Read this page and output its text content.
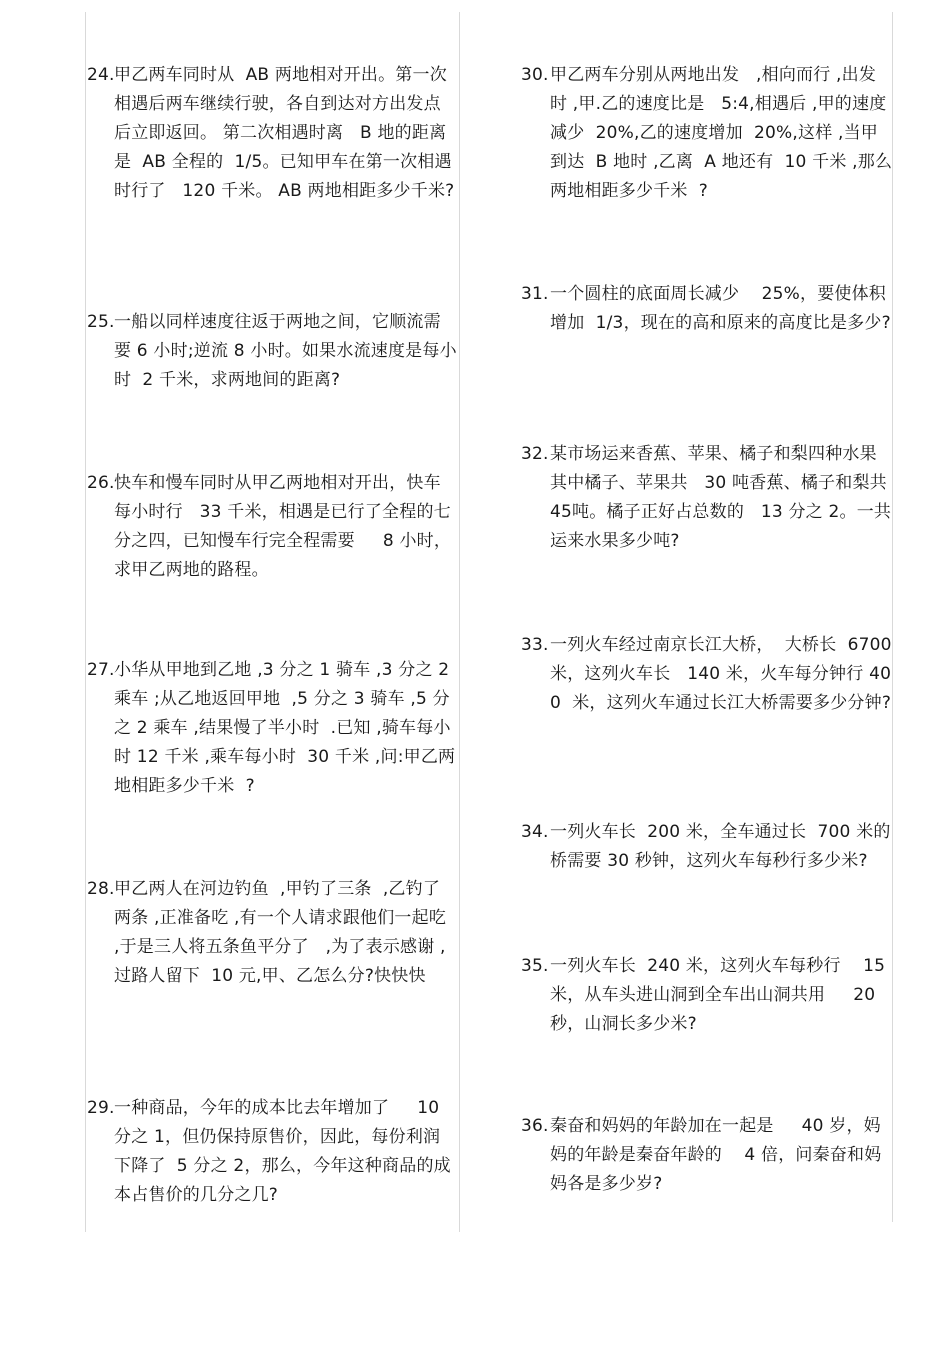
24. 甲乙两车同时从  AB 两地相对开出。第一次相遇后两车继续行驶，各自到达对方出发点后立即返回。 第二次相遇时离   B 地的距离是  AB 全程的  1/5。已知甲车在第一次相遇时行了   120 千米。 AB 两地相距多少千米?
25. 一船以同样速度往返于两地之间，它顺流需要 6 小时;逆流 8 小时。如果水流速度是每小时  2 千米，求两地间的距离?
26. 快车和慢车同时从甲乙两地相对开出，快车每小时行   33 千米，相遇是已行了全程的七分之四，已知慢车行完全程需要     8 小时，求甲乙两地的路程。
27. 小华从甲地到乙地 ,3 分之 1 骑车 ,3 分之 2 乘车 ;从乙地返回甲地  ,5 分之 3 骑车 ,5 分之 2 乘车 ,结果慢了半小时  .已知 ,骑车每小时 12 千米 ,乘车每小时  30 千米 ,问:甲乙两地相距多少千米  ?
28. 甲乙两人在河边钓鱼  ,甲钓了三条  ,乙钓了两条 ,正准备吃 ,有一个人请求跟他们一起吃 ,于是三人将五条鱼平分了   ,为了表示感谢 ,过路人留下  10 元,甲、乙怎么分?快快快
29. 一种商品，今年的成本比去年增加了     10 分之 1，但仍保持原售价，因此，每份利润下降了  5 分之 2，那么，今年这种商品的成本占售价的几分之几?
30. 甲乙两车分别从两地出发   ,相向而行 ,出发时 ,甲.乙的速度比是   5:4,相遇后 ,甲的速度减少  20%,乙的速度增加  20%,这样 ,当甲到达  B 地时 ,乙离  A 地还有  10 千米 ,那么两地相距多少千米  ?
31. 一个圆柱的底面周长减少    25%，要使体积增加  1/3，现在的高和原来的高度比是多少?
32. 某市场运来香蕉、苹果、橘子和梨四种水果其中橘子、苹果共   30 吨香蕉、橘子和梨共 45吨。橘子正好占总数的   13 分之 2。一共运来水果多少吨?
33. 一列火车经过南京长江大桥，  大桥长  6700 米，这列火车长   140 米，火车每分钟行 400  米，这列火车通过长江大桥需要多少分钟?
34. 一列火车长  200 米，全车通过长  700 米的桥需要 30 秒钟，这列火车每秒行多少米?
35. 一列火车长  240 米，这列火车每秒行    15 米，从车头进山洞到全车出山洞共用     20 秒，山洞长多少米?
36. 秦奋和妈妈的年龄加在一起是     40 岁，妈妈的年龄是秦奋年龄的    4 倍，问秦奋和妈妈各是多少岁?
